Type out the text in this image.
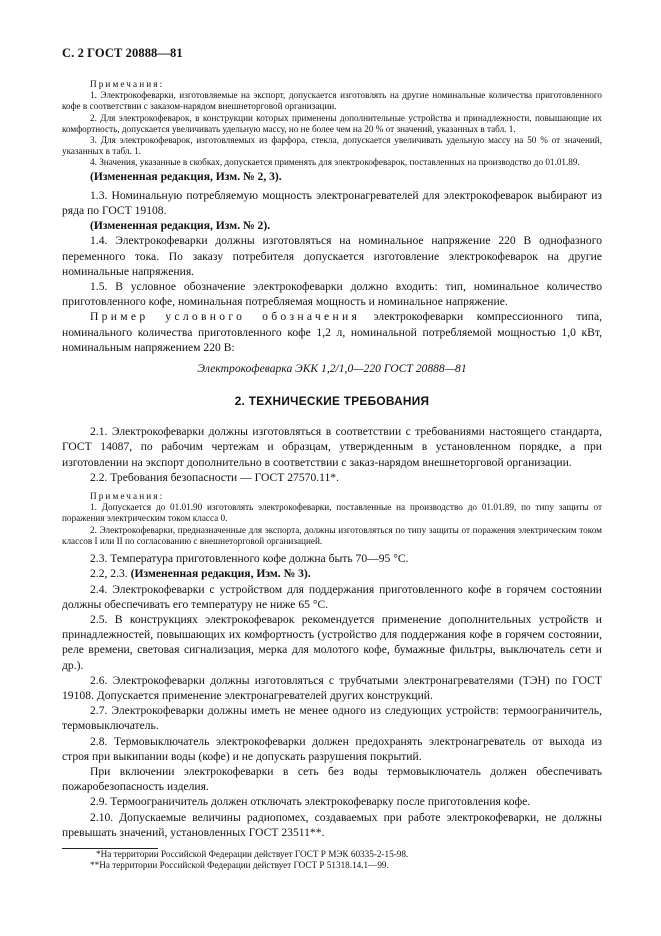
С. 2 ГОСТ 20888—81

Примечания:

1. Электрокофеварки, изготовляемые на экспорт, допускается изготовлять на другие номинальные количества приготовленного кофе в соответствии с заказом-нарядом внешнеторговой организации.

2. Для электрокофеварок, в конструкции которых применены дополнительные устройства и принадлежности, повышающие их комфортность, допускается увеличивать удельную массу, но не более чем на 20 % от значений, указанных в табл. 1.

3. Для электрокофеварок, изготовляемых из фарфора, стекла, допускается увеличивать удельную массу на 50 % от значений, указанных в табл. 1.

4. Значения, указанные в скобках, допускается применять для электрокофеварок, поставленных на производство до 01.01.89.

(Измененная редакция, Изм. № 2, 3).

1.3. Номинальную потребляемую мощность электронагревателей для электрокофеварок выбирают из ряда по ГОСТ 19108.

(Измененная редакция, Изм. № 2).

1.4. Электрокофеварки должны изготовляться на номинальное напряжение 220 В однофазного переменного тока. По заказу потребителя допускается изготовление электрокофеварок на другие номинальные напряжения.

1.5. В условное обозначение электрокофеварки должно входить: тип, номинальное количество приготовленного кофе, номинальная потребляемая мощность и номинальное напряжение.

Пример условного обозначения электрокофеварки компрессионного типа, номинального количества приготовленного кофе 1,2 л, номинальной потребляемой мощностью 1,0 кВт, номинальным напряжением 220 В:

Электрокофеварка ЭКК 1,2/1,0—220 ГОСТ 20888—81

2. ТЕХНИЧЕСКИЕ ТРЕБОВАНИЯ

2.1. Электрокофеварки должны изготовляться в соответствии с требованиями настоящего стандарта, ГОСТ 14087, по рабочим чертежам и образцам, утвержденным в установленном порядке, а при изготовлении на экспорт дополнительно в соответствии с заказ-нарядом внешнеторговой организации.

2.2. Требования безопасности — ГОСТ 27570.11*.

Примечания:

1. Допускается до 01.01.90 изготовлять электрокофеварки, поставленные на производство до 01.01.89, по типу защиты от поражения электрическим током класса 0.

2. Электрокофеварки, предназначенные для экспорта, должны изготовляться по типу защиты от поражения электрическим током классов I или II по согласованию с внешнеторговой организацией.

2.3. Температура приготовленного кофе должна быть 70—95 °С.

2.2, 2.3. (Измененная редакция, Изм. № 3).

2.4. Электрокофеварки с устройством для поддержания приготовленного кофе в горячем состоянии должны обеспечивать его температуру не ниже 65 °С.

2.5. В конструкциях электрокофеварок рекомендуется применение дополнительных устройств и принадлежностей, повышающих их комфортность (устройство для поддержания кофе в горячем состоянии, реле времени, световая сигнализация, мерка для молотого кофе, бумажные фильтры, выключатель сети и др.).

2.6. Электрокофеварки должны изготовляться с трубчатыми электронагревателями (ТЭН) по ГОСТ 19108. Допускается применение электронагревателей других конструкций.

2.7. Электрокофеварки должны иметь не менее одного из следующих устройств: термоограничитель, термовыключатель.

2.8. Термовыключатель электрокофеварки должен предохранять электронагреватель от выхода из строя при выкипании воды (кофе) и не допускать разрушения покрытий.

При включении электрокофеварки в сеть без воды термовыключатель должен обеспечивать пожаробезопасность изделия.

2.9. Термоограничитель должен отключать электрокофеварку после приготовления кофе.

2.10. Допускаемые величины радиопомех, создаваемых при работе электрокофеварки, не должны превышать значений, установленных ГОСТ 23511**.

*На территории Российской Федерации действует ГОСТ Р МЭК 60335-2-15-98.

**На территории Российской Федерации действует ГОСТ Р 51318.14.1—99.
